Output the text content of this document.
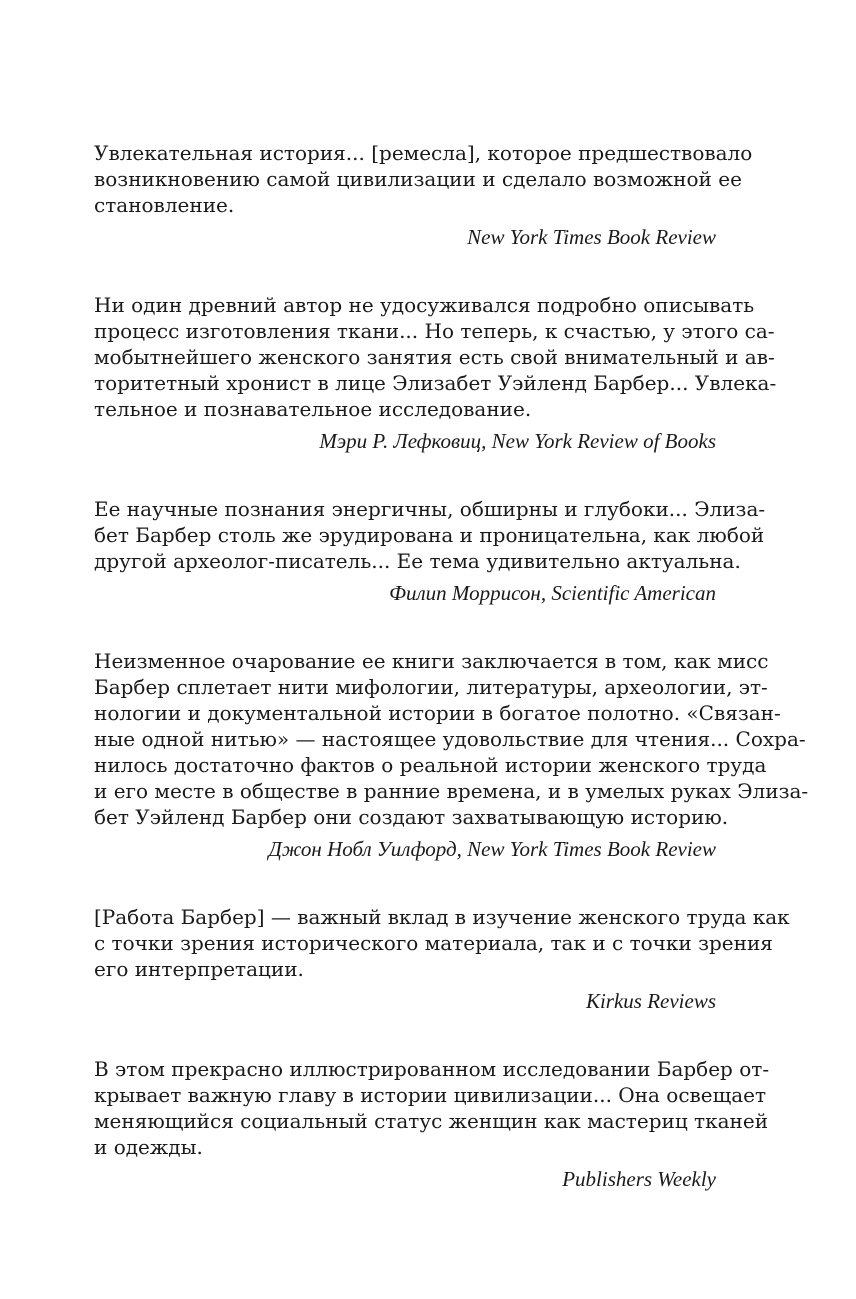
Увлекательная история... [ремесла], которое предшествовало
возникновению самой цивилизации и сделало возможной ее
становление.

New York Times Book Review

Ни один древний автор не удосуживался подробно описывать
процесс изготовления ткани... Но теперь, к счастью, у этого са-
мобытнейшего женского занятия есть свой внимательный и ав-
торитетный хронист в лице Элизабет Уэйленд Барбер... Увлека-
тельное и познавательное исследование.

Мэри Р. Лефковиц, New York Review of Books

Ее научные познания энергичны, обширны и глубоки... Элиза-
бет Барбер столь же эрудирована и проницательна, как любой
другой археолог-писатель... Ее тема удивительно актуальна.

Филип Моррисон, Scientific American

Неизменное очарование ее книги заключается в том, как мисс
Барбер сплетает нити мифологии, литературы, археологии, эт-
нологии и документальной истории в богатое полотно. «Связан-
ные одной нитью» — настоящее удовольствие для чтения... Сохра-
нилось достаточно фактов о реальной истории женского труда
и его месте в обществе в ранние времена, и в умелых руках Элиза-
бет Уэйленд Барбер они создают захватывающую историю.

Джон Нобл Уилфорд, New York Times Book Review

[Работа Барбер] — важный вклад в изучение женского труда как
с точки зрения исторического материала, так и с точки зрения
его интерпретации.

Kirkus Reviews

В этом прекрасно иллюстрированном исследовании Барбер от-
крывает важную главу в истории цивилизации... Она освещает
меняющийся социальный статус женщин как мастериц тканей
и одежды.

Publishers Weekly
